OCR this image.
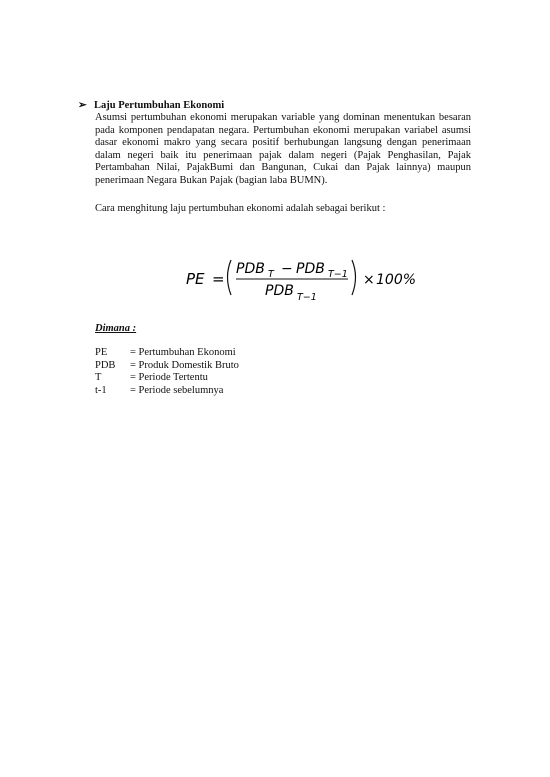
➢ Laju Pertumbuhan Ekonomi

Asumsi pertumbuhan ekonomi merupakan variable yang dominan menentukan besaran pada komponen pendapatan negara. Pertumbuhan ekonomi merupakan variabel asumsi dasar ekonomi makro yang secara positif berhubungan langsung dengan penerimaan dalam negeri baik itu penerimaan pajak dalam negeri (Pajak Penghasilan, Pajak Pertambahan Nilai, PajakBumi dan Bangunan, Cukai dan Pajak lainnya) maupun penerimaan Negara Bukan Pajak (bagian laba BUMN).

Cara menghitung laju pertumbuhan ekonomi adalah sebagai berikut :

PE =
PDB T − PDB T−1
PDB T−1
× 100%
Dimana :
PE	= Pertumbuhan Ekonomi
PDB	= Produk Domestik Bruto
T	= Periode Tertentu
t-1	= Periode sebelumnya
